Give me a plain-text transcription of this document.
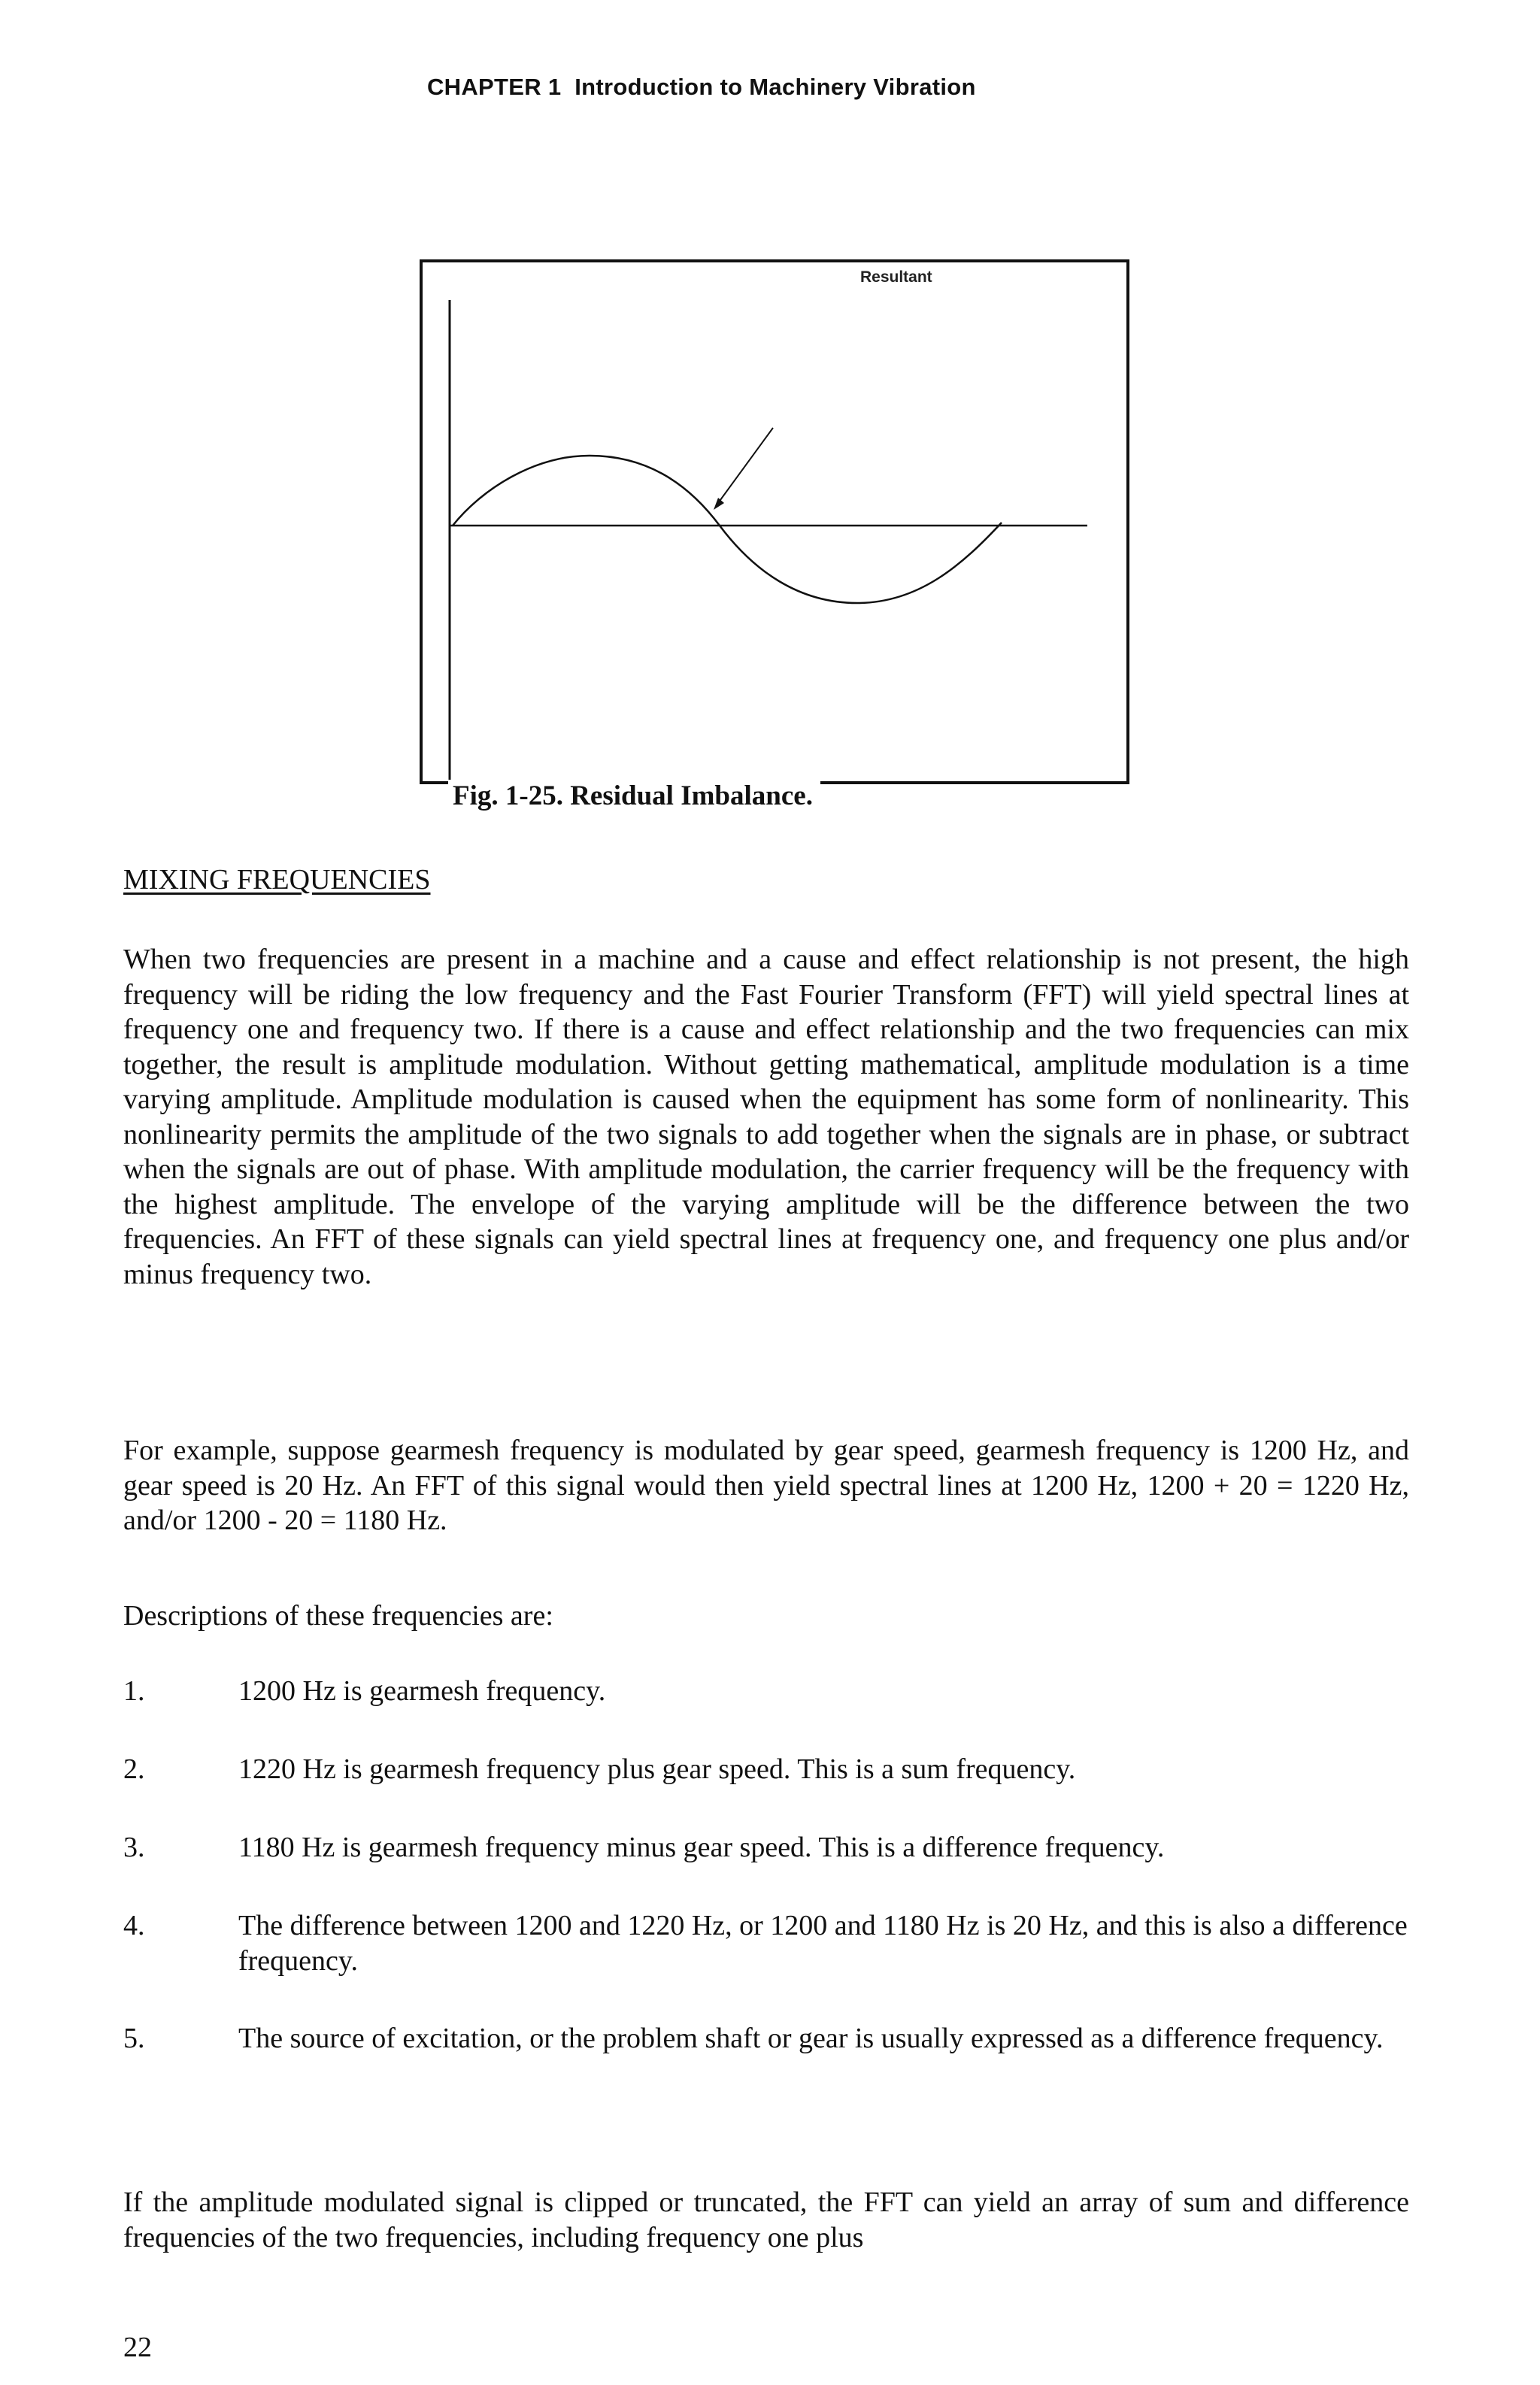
CHAPTER 1 Introduction to Machinery Vibration
Resultant

Fig. 1-25. Residual Imbalance.

MIXING FREQUENCIES

When two frequencies are present in a machine and a cause and effect relationship is not present, the high frequency will be riding the low frequency and the Fast Fourier Transform (FFT) will yield spectral lines at frequency one and frequency two. If there is a cause and effect relationship and the two frequencies can mix together, the result is amplitude modulation. Without getting mathematical, amplitude modulation is a time varying amplitude. Amplitude modulation is caused when the equipment has some form of nonlinearity. This nonlinearity permits the amplitude of the two signals to add together when the signals are in phase, or subtract when the signals are out of phase. With amplitude modulation, the carrier frequency will be the frequency with the highest amplitude. The envelope of the varying amplitude will be the difference between the two frequencies. An FFT of these signals can yield spectral lines at frequency one, and frequency one plus and/or minus frequency two.

For example, suppose gearmesh frequency is modulated by gear speed, gearmesh frequency is 1200 Hz, and gear speed is 20 Hz. An FFT of this signal would then yield spectral lines at 1200 Hz, 1200 + 20 = 1220 Hz, and/or 1200 - 20 = 1180 Hz.

Descriptions of these frequencies are:

1.	1200 Hz is gearmesh frequency.
2.	1220 Hz is gearmesh frequency plus gear speed. This is a sum frequency.
3.	1180 Hz is gearmesh frequency minus gear speed. This is a difference frequency.
4.	The difference between 1200 and 1220 Hz, or 1200 and 1180 Hz is 20 Hz, and this is also a difference frequency.
5.	The source of excitation, or the problem shaft or gear is usually expressed as a difference frequency.

If the amplitude modulated signal is clipped or truncated, the FFT can yield an array of sum and difference frequencies of the two frequencies, including frequency one plus

22
